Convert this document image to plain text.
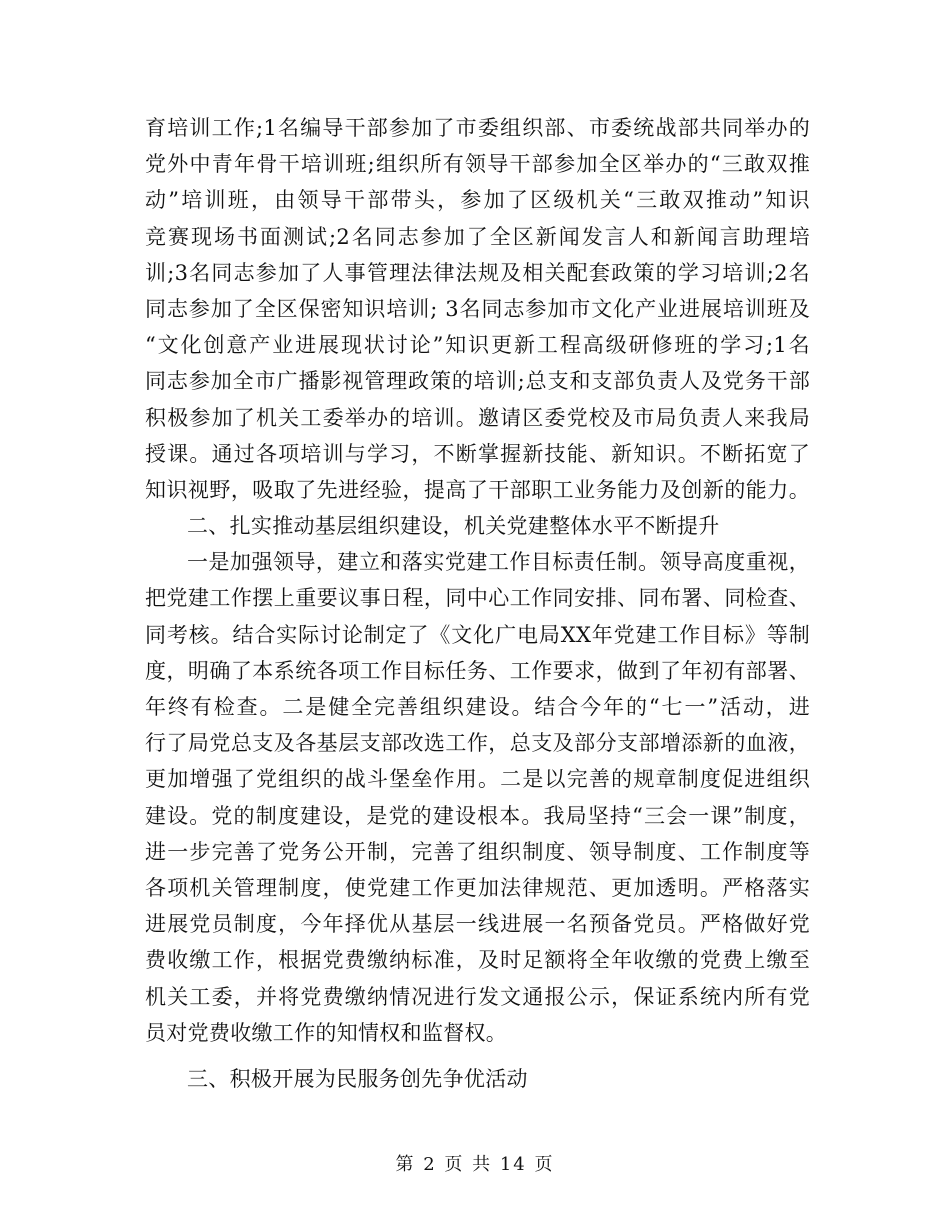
育培训工作;1名编导干部参加了市委组织部、市委统战部共同举办的
党外中青年骨干培训班;组织所有领导干部参加全区举办的“三敢双推
动”培训班，由领导干部带头，参加了区级机关“三敢双推动”知识
竞赛现场书面测试;2名同志参加了全区新闻发言人和新闻言助理培
训;3名同志参加了人事管理法律法规及相关配套政策的学习培训;2名
同志参加了全区保密知识培训; 3名同志参加市文化产业进展培训班及
“文化创意产业进展现状讨论”知识更新工程高级研修班的学习;1名
同志参加全市广播影视管理政策的培训;总支和支部负责人及党务干部
积极参加了机关工委举办的培训。邀请区委党校及市局负责人来我局
授课。通过各项培训与学习，不断掌握新技能、新知识。不断拓宽了
知识视野，吸取了先进经验，提高了干部职工业务能力及创新的能力。
二、扎实推动基层组织建设，机关党建整体水平不断提升
一是加强领导，建立和落实党建工作目标责任制。领导高度重视，
把党建工作摆上重要议事日程，同中心工作同安排、同布署、同检查、
同考核。结合实际讨论制定了《文化广电局XX年党建工作目标》等制
度，明确了本系统各项工作目标任务、工作要求，做到了年初有部署、
年终有检查。二是健全完善组织建设。结合今年的“七一”活动，进
行了局党总支及各基层支部改选工作，总支及部分支部增添新的血液，
更加增强了党组织的战斗堡垒作用。二是以完善的规章制度促进组织
建设。党的制度建设，是党的建设根本。我局坚持“三会一课”制度，
进一步完善了党务公开制，完善了组织制度、领导制度、工作制度等
各项机关管理制度，使党建工作更加法律规范、更加透明。严格落实
进展党员制度，今年择优从基层一线进展一名预备党员。严格做好党
费收缴工作，根据党费缴纳标准，及时足额将全年收缴的党费上缴至
机关工委，并将党费缴纳情况进行发文通报公示，保证系统内所有党
员对党费收缴工作的知情权和监督权。
三、积极开展为民服务创先争优活动
第 2 页 共 14 页
